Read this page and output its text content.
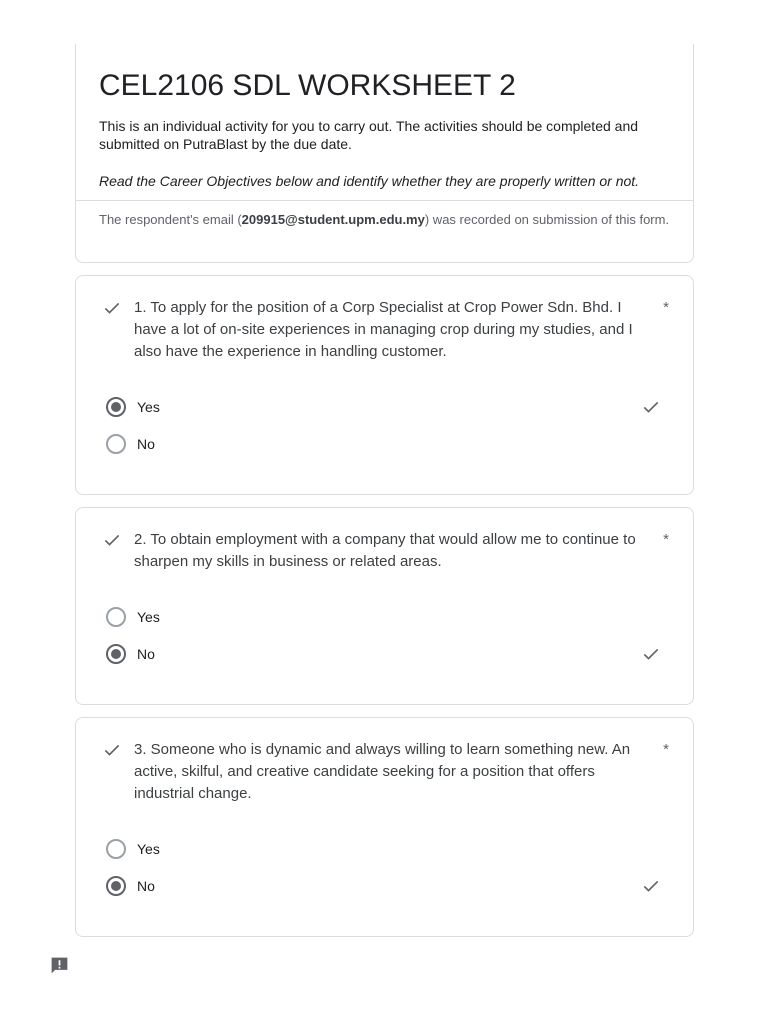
CEL2106 SDL WORKSHEET 2

This is an individual activity for you to carry out. The activities should be completed and submitted on PutraBlast by the due date.

Read the Career Objectives below and identify whether they are properly written or not.

The respondent's email (209915@student.upm.edu.my) was recorded on submission of this form.

1. To apply for the position of a Corp Specialist at Crop Power Sdn. Bhd. I have a lot of on-site experiences in managing crop during my studies, and I also have the experience in handling customer.

*
Yes
No

2. To obtain employment with a company that would allow me to continue to sharpen my skills in business or related areas.

*
Yes
No

3. Someone who is dynamic and always willing to learn something new. An active, skilful, and creative candidate seeking for a position that offers industrial change.

*
Yes
No
